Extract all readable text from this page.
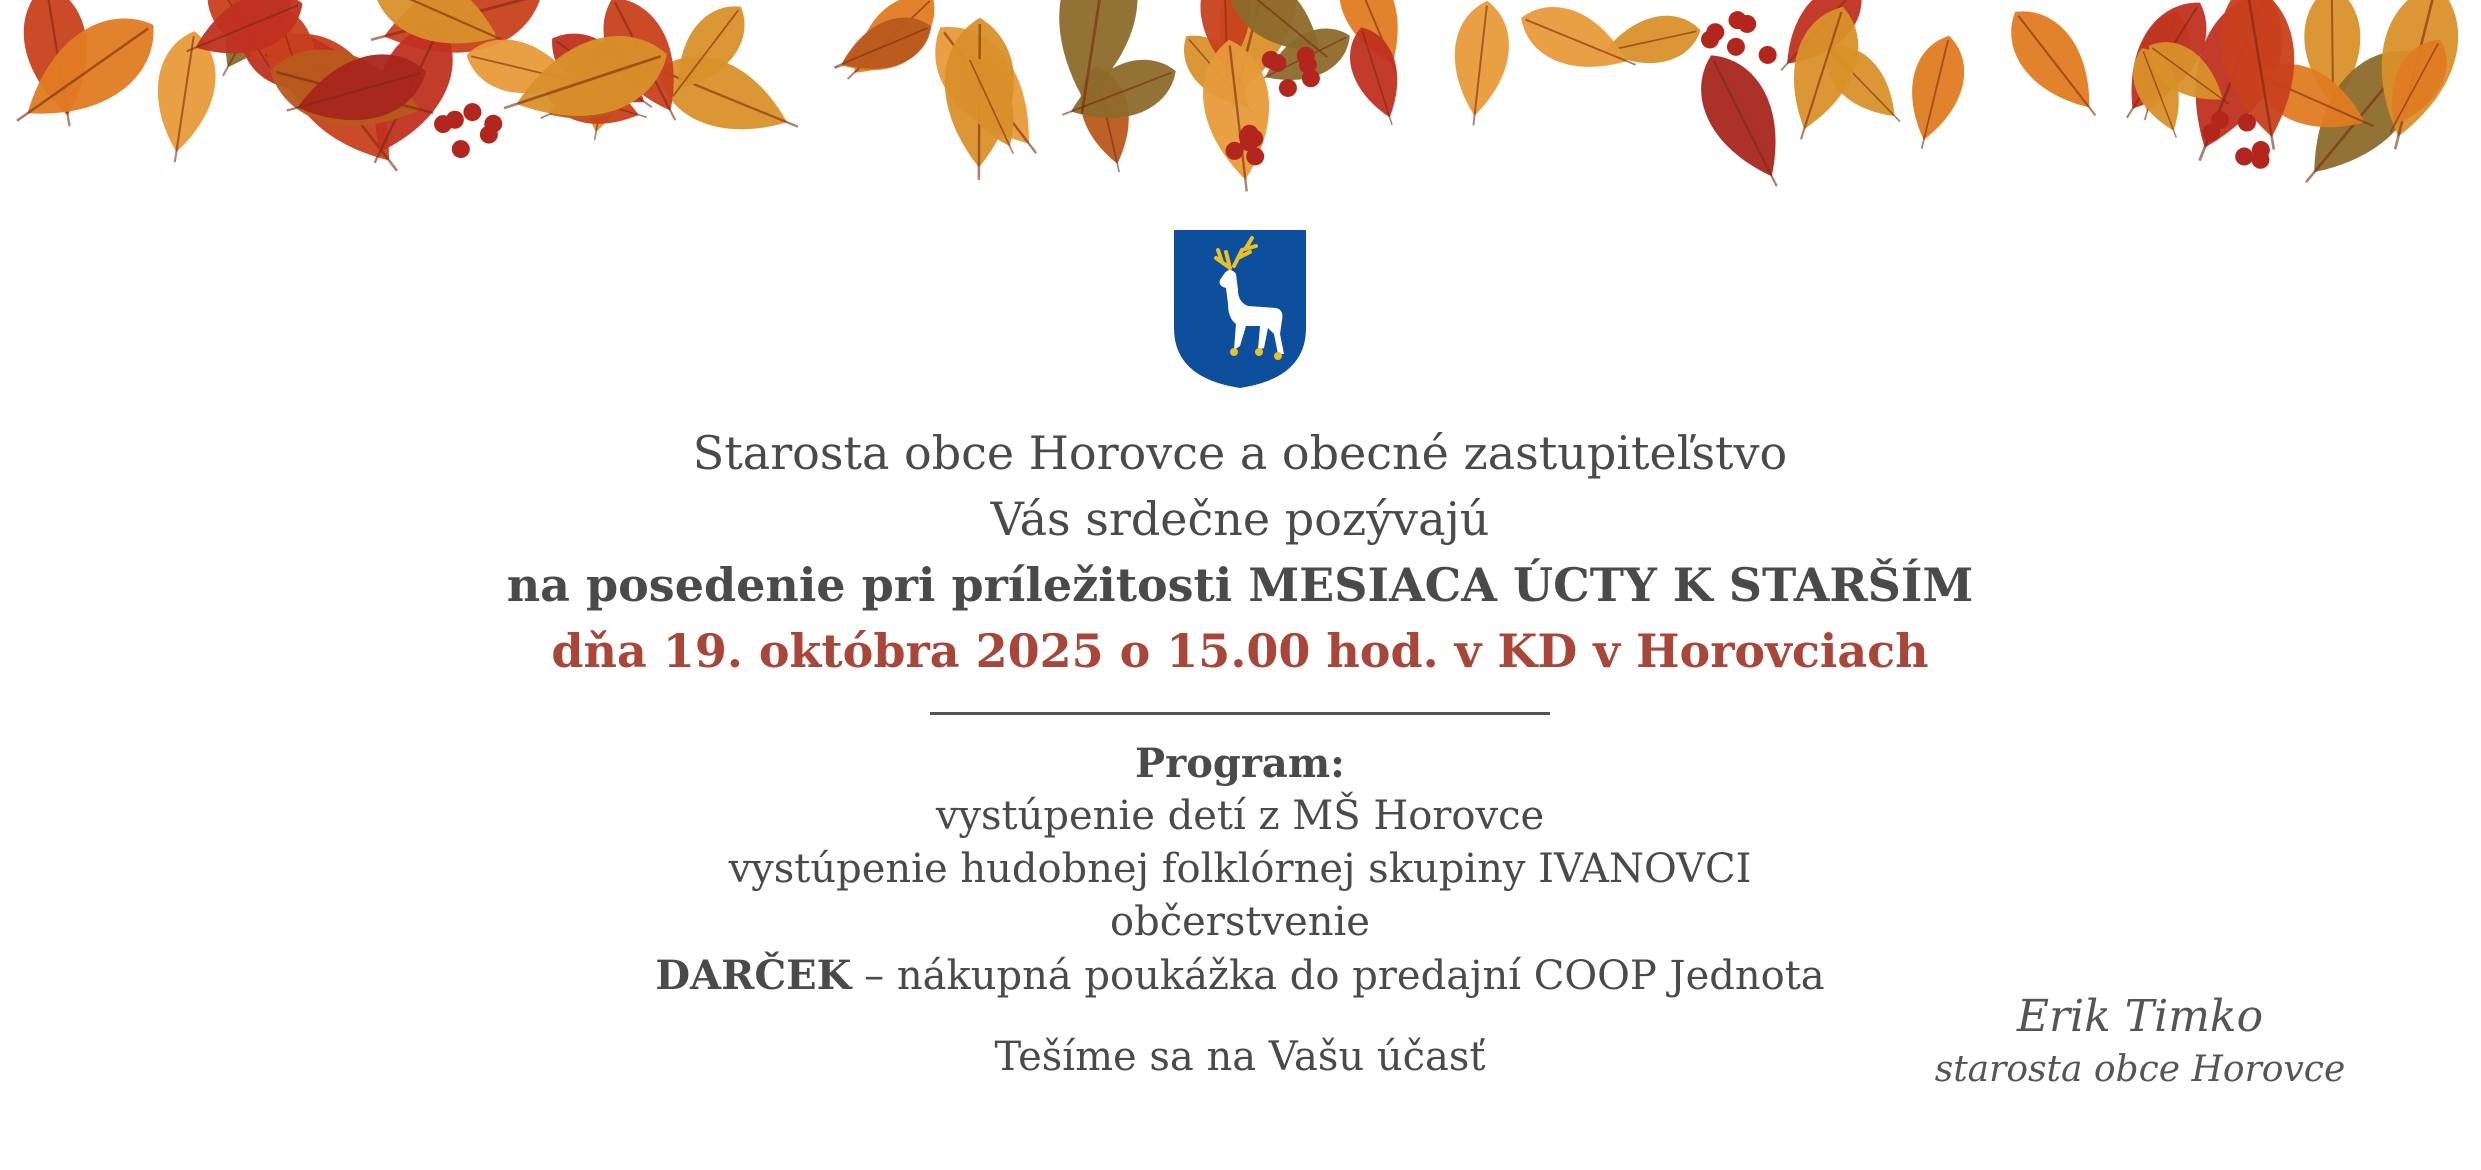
Starosta obce Horovce a obecné zastupiteľstvo
Vás srdečne pozývajú
na posedenie pri príležitosti MESIACA ÚCTY K STARŠÍM
dňa 19. októbra 2025 o 15.00 hod. v KD v Horovciach
Program:
vystúpenie detí z MŠ Horovce
vystúpenie hudobnej folklórnej skupiny IVANOVCI
občerstvenie
DARČEK – nákupná poukážka do predajní COOP Jednota
Tešíme sa na Vašu účasť
Erik Timko
starosta obce Horovce
